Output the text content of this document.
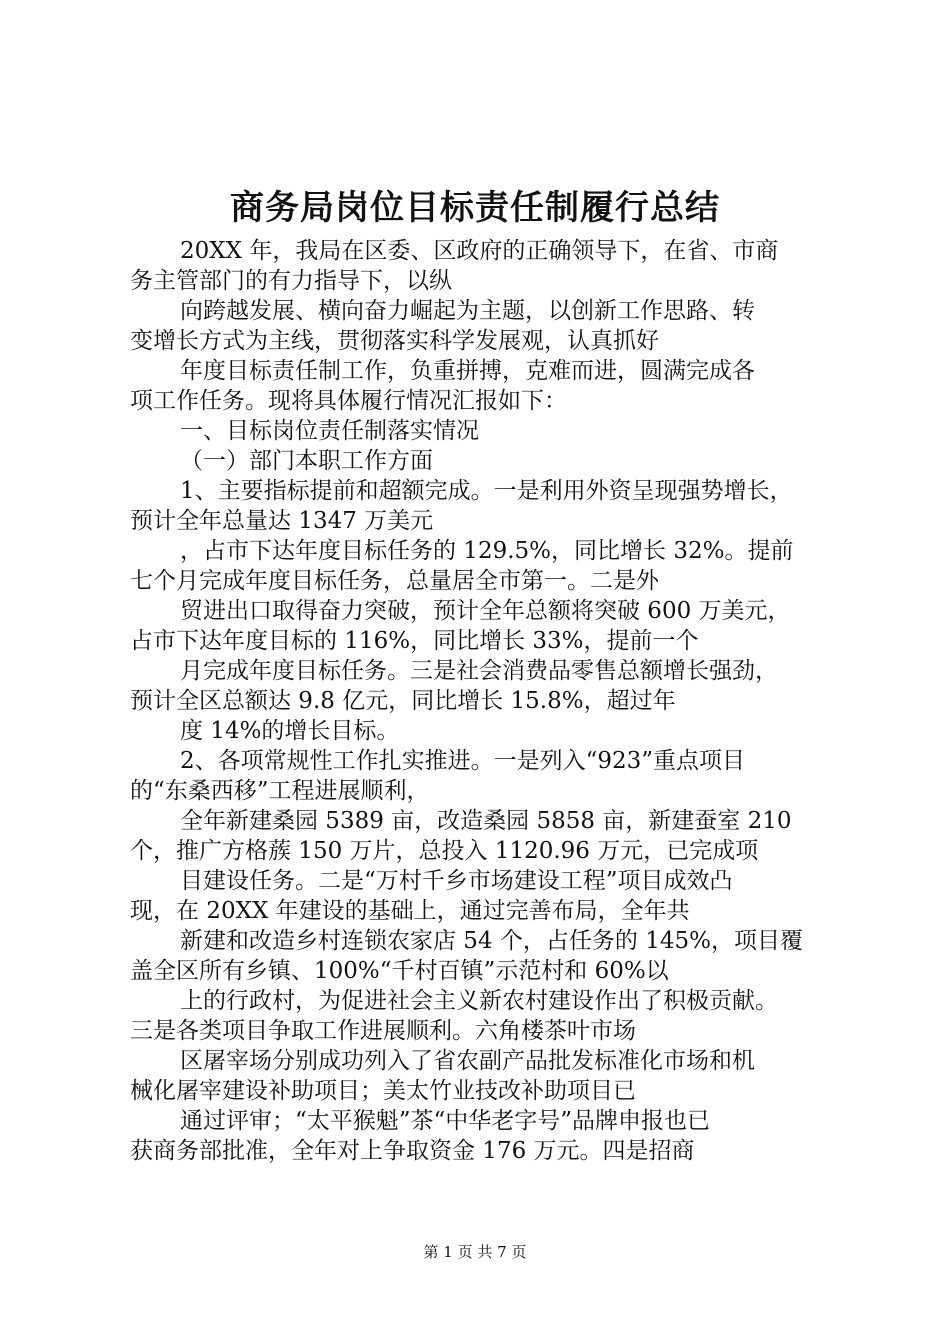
商务局岗位目标责任制履行总结
20XX 年，我局在区委、区政府的正确领导下，在省、市商
务主管部门的有力指导下，以纵
向跨越发展、横向奋力崛起为主题，以创新工作思路、转
变增长方式为主线，贯彻落实科学发展观，认真抓好
年度目标责任制工作，负重拼搏，克难而进，圆满完成各
项工作任务。现将具体履行情况汇报如下：
一、目标岗位责任制落实情况
（一）部门本职工作方面
1、主要指标提前和超额完成。一是利用外资呈现强势增长，
预计全年总量达 1347 万美元
，占市下达年度目标任务的 129.5%，同比增长 32%。提前
七个月完成年度目标任务，总量居全市第一。二是外
贸进出口取得奋力突破，预计全年总额将突破 600 万美元，
占市下达年度目标的 116%，同比增长 33%，提前一个
月完成年度目标任务。三是社会消费品零售总额增长强劲，
预计全区总额达 9.8 亿元，同比增长 15.8%，超过年
度 14%的增长目标。
2、各项常规性工作扎实推进。一是列入“923”重点项目
的“东桑西移”工程进展顺利，
全年新建桑园 5389 亩，改造桑园 5858 亩，新建蚕室 210
个，推广方格蔟 150 万片，总投入 1120.96 万元，已完成项
目建设任务。二是“万村千乡市场建设工程”项目成效凸
现，在 20XX 年建设的基础上，通过完善布局，全年共
新建和改造乡村连锁农家店 54 个，占任务的 145%，项目覆
盖全区所有乡镇、100%“千村百镇”示范村和 60%以
上的行政村，为促进社会主义新农村建设作出了积极贡献。
三是各类项目争取工作进展顺利。六角楼茶叶市场
区屠宰场分别成功列入了省农副产品批发标准化市场和机
械化屠宰建设补助项目；美太竹业技改补助项目已
通过评审；“太平猴魁”茶“中华老字号”品牌申报也已
获商务部批准，全年对上争取资金 176 万元。四是招商
第 1 页 共 7 页
